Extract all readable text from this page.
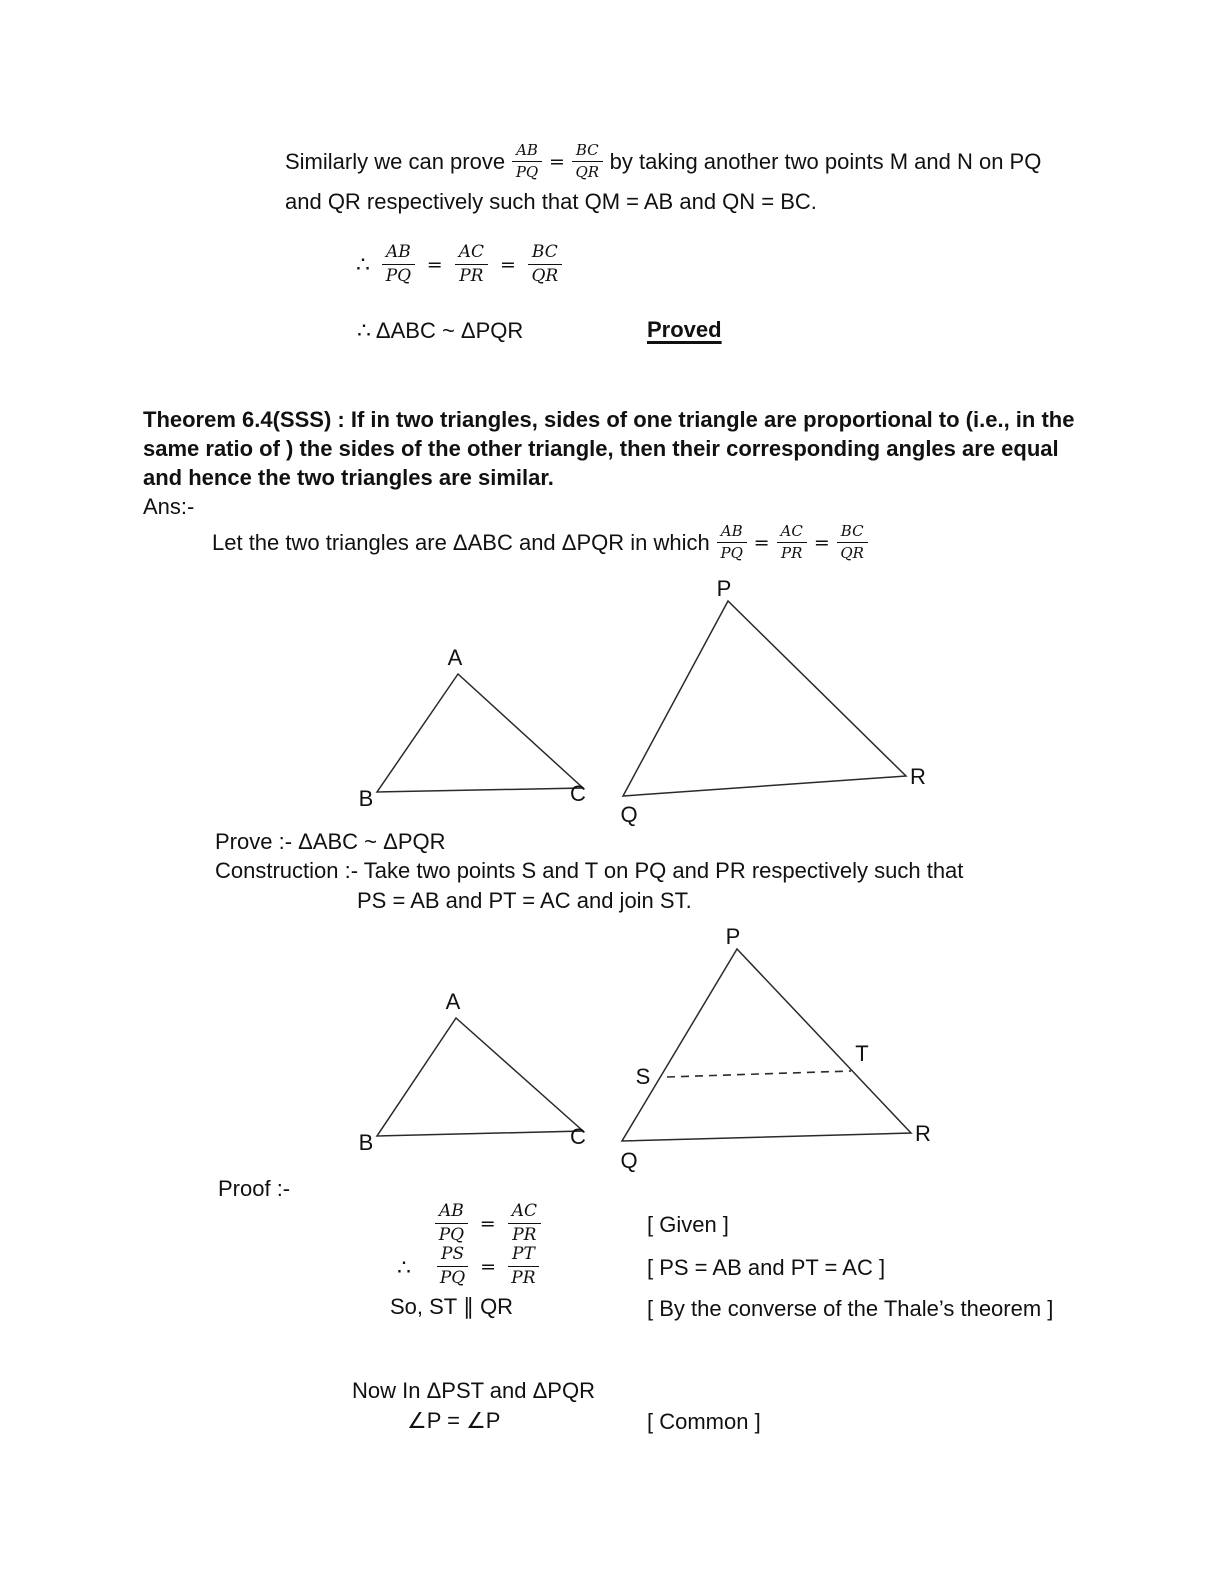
Similarly we can prove $\frac{AB}{PQ} = \frac{BC}{QR}$ by taking another two points M and N on PQ
and QR respectively such that QM = AB and QN = BC.
∴ $\frac{AB}{PQ} = \frac{AC}{PR} = \frac{BC}{QR}$
∴ ΔABC ~ ΔPQR	Proved
Theorem 6.4(SSS) : If in two triangles, sides of one triangle are proportional to (i.e., in the
same ratio of ) the sides of the other triangle, then their corresponding angles are equal
and hence the two triangles are similar.
Ans:-
Let the two triangles are ΔABC and ΔPQR in which $\frac{AB}{PQ} = \frac{AC}{PR} = \frac{BC}{QR}$
A
B	C
P
Q
R
Prove :- ΔABC ~ ΔPQR
Construction :- Take two points S and T on PQ and PR respectively such that
PS = AB and PT = AC and join ST.
A
B	C
P
Q
R
S
T
Proof :-
$\frac{AB}{PQ} = \frac{AC}{PR}$	[ Given ]
∴ $\frac{PS}{PQ} = \frac{PT}{PR}$	[ PS = AB and PT = AC ]
So, ST ∥ QR	[ By the converse of the Thale’s theorem ]
Now In ΔPST and ΔPQR
∠P = ∠P	[ Common ]
